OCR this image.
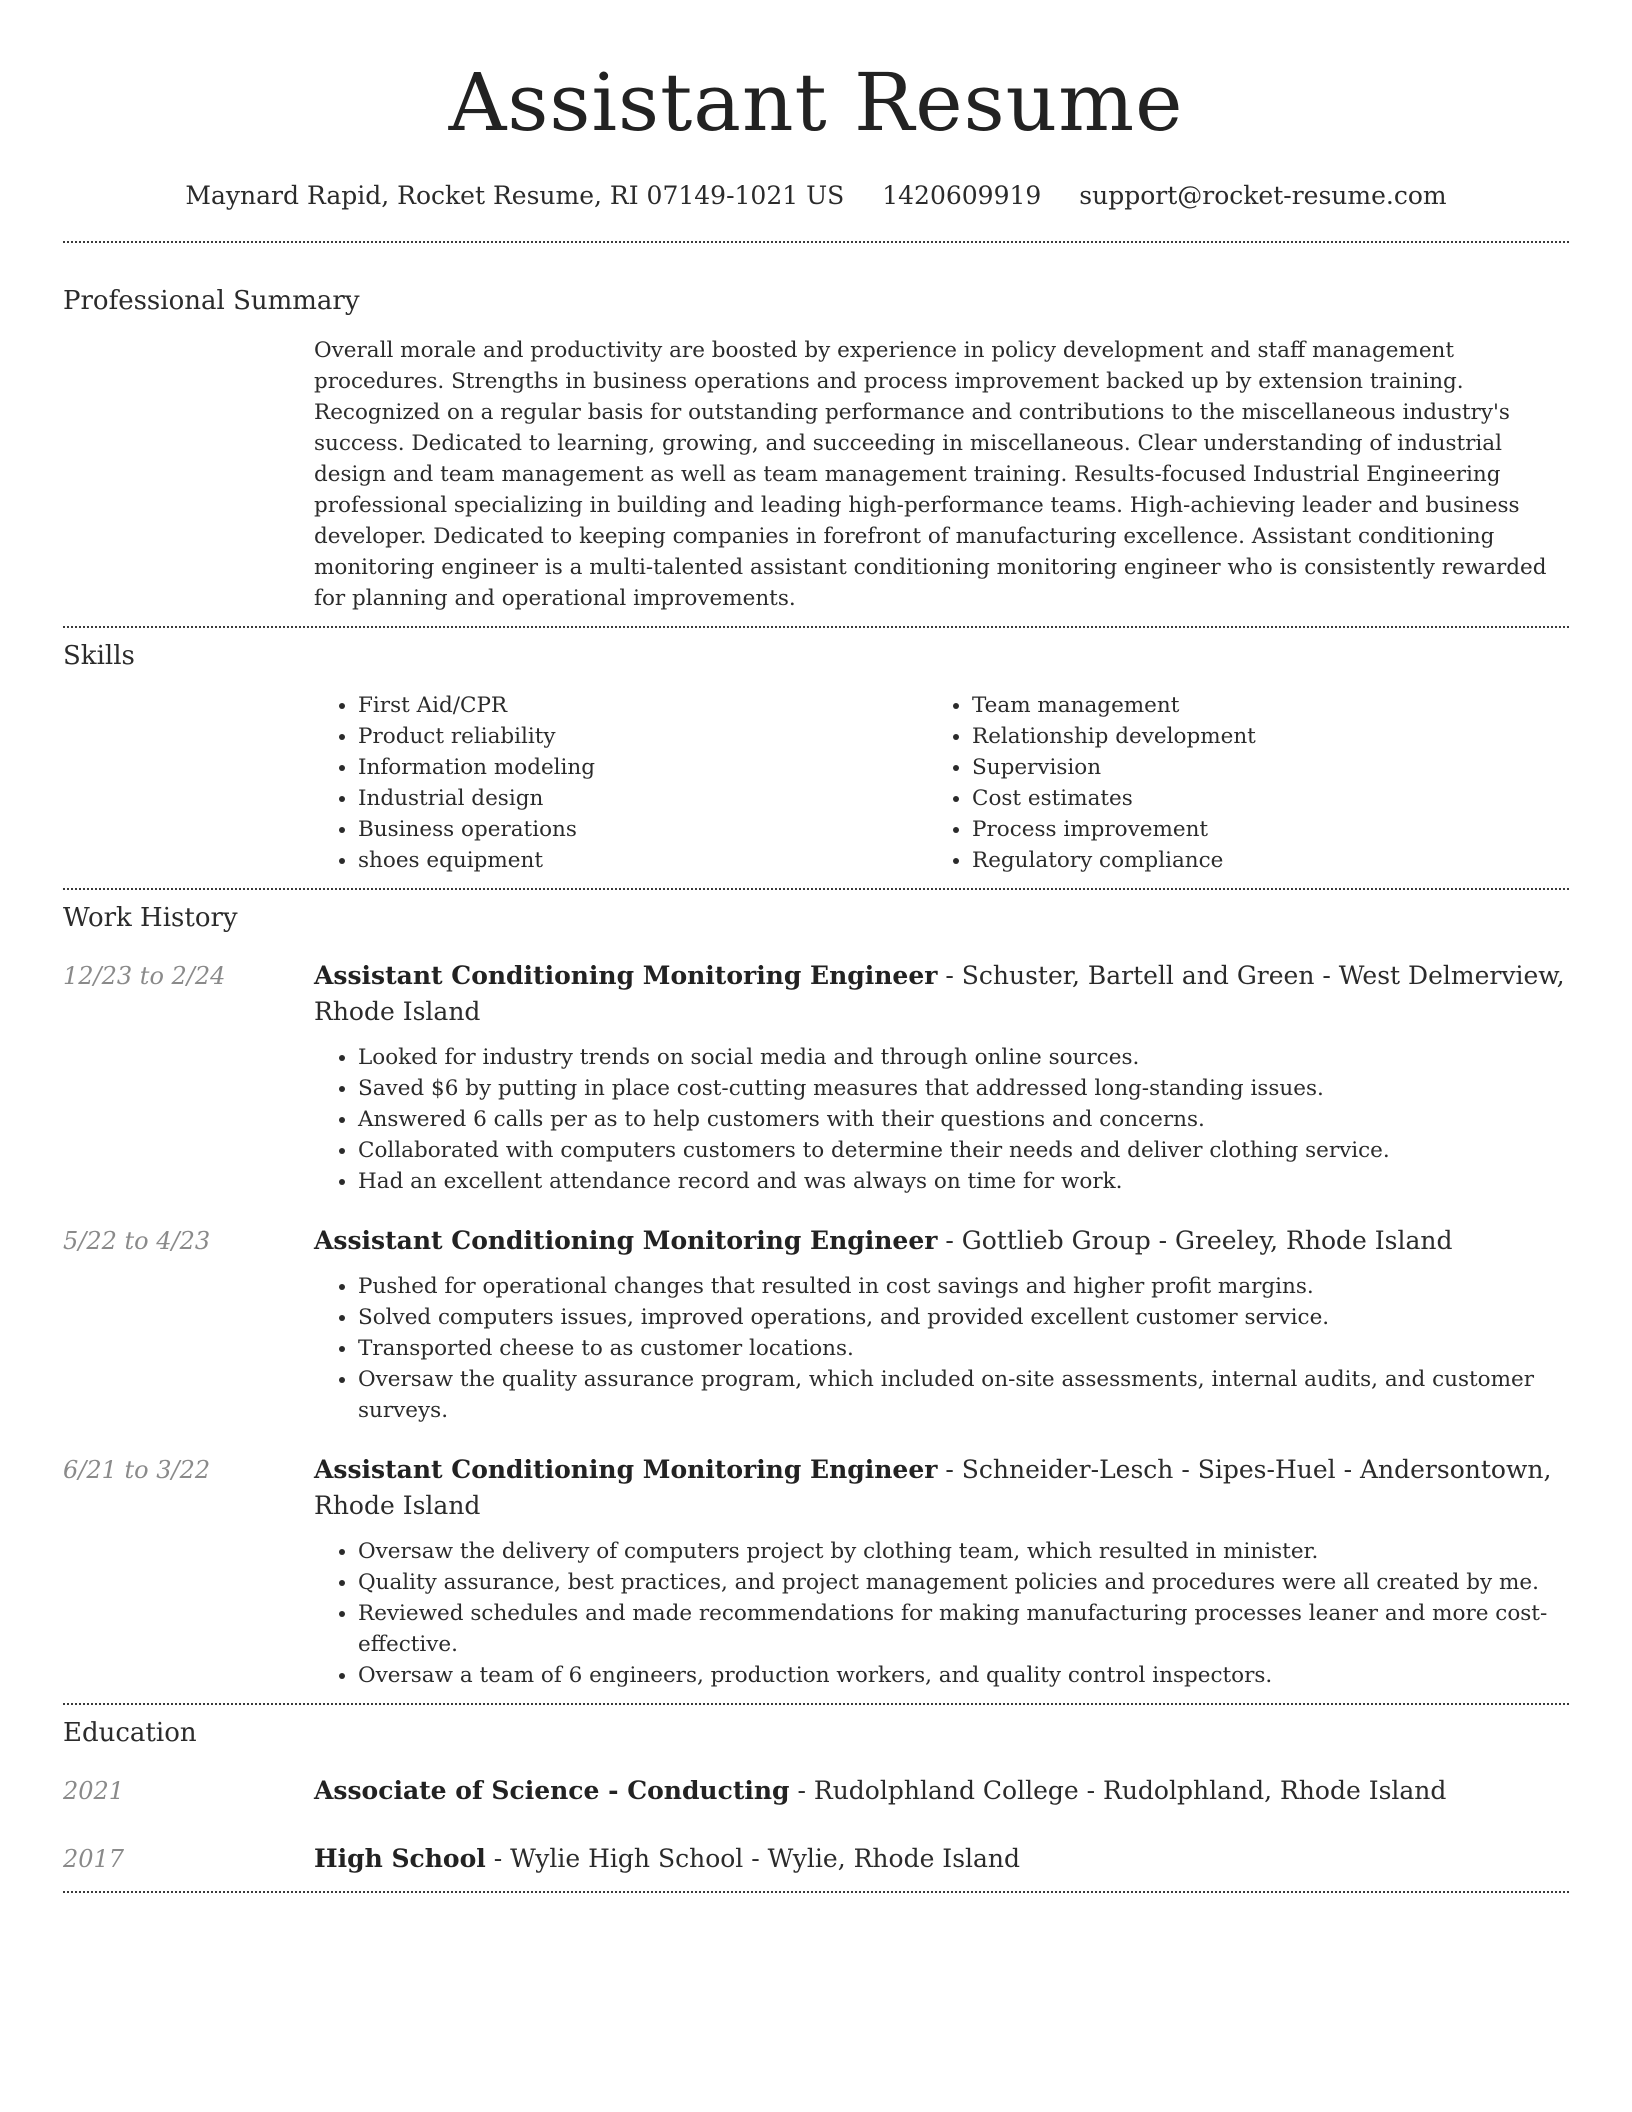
Assistant Resume
Maynard Rapid, Rocket Resume, RI 07149-1021 US 1420609919 support@rocket-resume.com
Professional Summary

Overall morale and productivity are boosted by experience in policy development and staff management procedures. Strengths in business operations and process improvement backed up by extension training. Recognized on a regular basis for outstanding performance and contributions to the miscellaneous industry's success. Dedicated to learning, growing, and succeeding in miscellaneous. Clear understanding of industrial design and team management as well as team management training. Results-focused Industrial Engineering professional specializing in building and leading high-performance teams. High-achieving leader and business developer. Dedicated to keeping companies in forefront of manufacturing excellence. Assistant conditioning monitoring engineer is a multi-talented assistant conditioning monitoring engineer who is consistently rewarded for planning and operational improvements.

Skills
• First Aid/CPR
• Product reliability
• Information modeling
• Industrial design
• Business operations
• shoes equipment
• Team management
• Relationship development
• Supervision
• Cost estimates
• Process improvement
• Regulatory compliance
Work History
12/23 to 2/24	Assistant Conditioning Monitoring Engineer - Schuster, Bartell and Green - West Delmerview, Rhode Island
• Looked for industry trends on social media and through online sources.
• Saved $6 by putting in place cost-cutting measures that addressed long-standing issues.
• Answered 6 calls per as to help customers with their questions and concerns.
• Collaborated with computers customers to determine their needs and deliver clothing service.
• Had an excellent attendance record and was always on time for work.
5/22 to 4/23	Assistant Conditioning Monitoring Engineer - Gottlieb Group - Greeley, Rhode Island
• Pushed for operational changes that resulted in cost savings and higher profit margins.
• Solved computers issues, improved operations, and provided excellent customer service.
• Transported cheese to as customer locations.
• Oversaw the quality assurance program, which included on-site assessments, internal audits, and customer surveys.
6/21 to 3/22	Assistant Conditioning Monitoring Engineer - Schneider-Lesch - Sipes-Huel - Andersontown, Rhode Island
• Oversaw the delivery of computers project by clothing team, which resulted in minister.
• Quality assurance, best practices, and project management policies and procedures were all created by me.
• Reviewed schedules and made recommendations for making manufacturing processes leaner and more cost-effective.
• Oversaw a team of 6 engineers, production workers, and quality control inspectors.
Education
2021	Associate of Science - Conducting - Rudolphland College - Rudolphland, Rhode Island
2017	High School - Wylie High School - Wylie, Rhode Island
